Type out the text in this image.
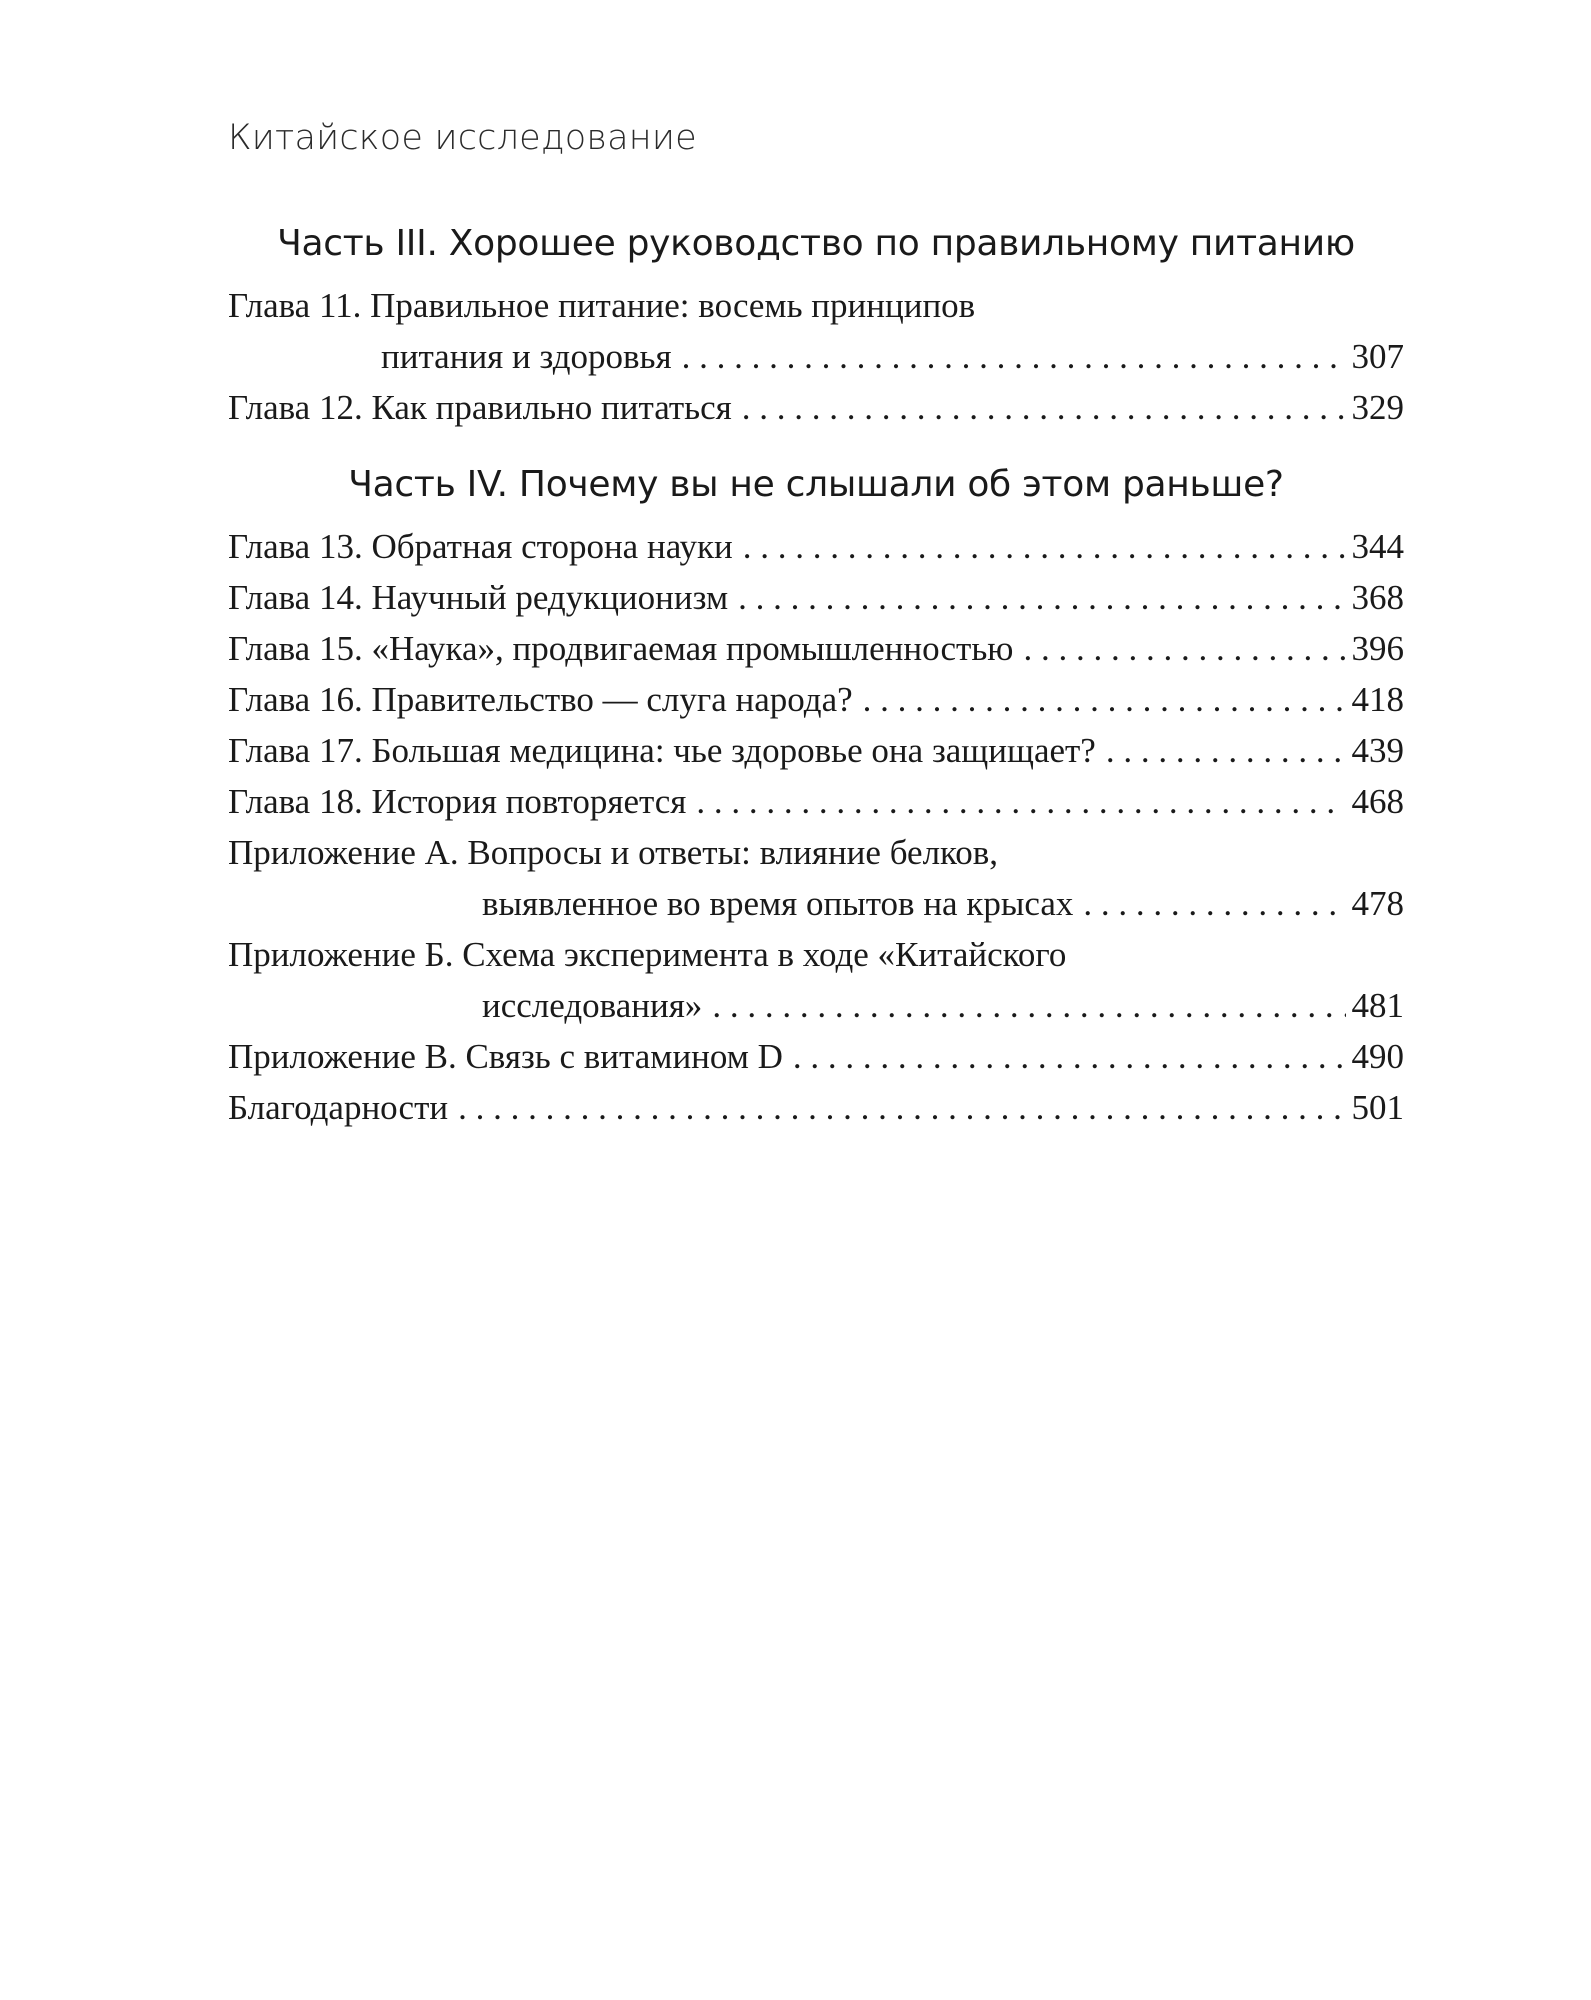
Китайское исследование
Часть III. Хорошее руководство по правильному питанию
Глава 11. Правильное питание: восемь принципов
питания и здоровья . . .	307
Глава 12. Как правильно питаться . . .	329
Часть IV. Почему вы не слышали об этом раньше?
Глава 13. Обратная сторона науки . . .	344
Глава 14. Научный редукционизм . . .	368
Глава 15. «Наука», продвигаемая промышленностью . . .	396
Глава 16. Правительство — слуга народа? . . .	418
Глава 17. Большая медицина: чье здоровье она защищает? . . .	439
Глава 18. История повторяется . . .	468
Приложение А. Вопросы и ответы: влияние белков,
выявленное во время опытов на крысах . . .	478
Приложение Б. Схема эксперимента в ходе «Китайского
исследования» . . .	481
Приложение В. Связь с витамином D . . .	490
Благодарности . . .	501
